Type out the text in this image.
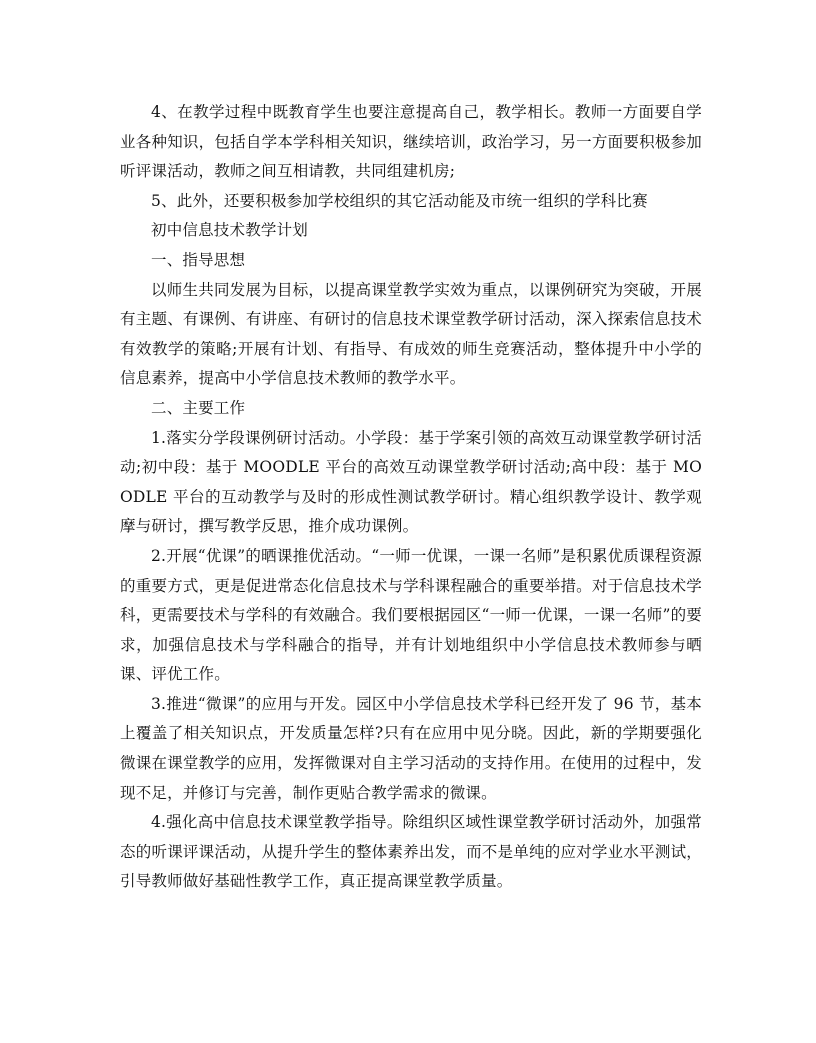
4、在教学过程中既教育学生也要注意提高自己，教学相长。教师一方面要自学业各种知识，包括自学本学科相关知识，继续培训，政治学习，另一方面要积极参加听评课活动，教师之间互相请教，共同组建机房;

5、此外，还要积极参加学校组织的其它活动能及市统一组织的学科比赛

初中信息技术教学计划

一、指导思想

以师生共同发展为目标，以提高课堂教学实效为重点，以课例研究为突破，开展有主题、有课例、有讲座、有研讨的信息技术课堂教学研讨活动，深入探索信息技术有效教学的策略;开展有计划、有指导、有成效的师生竞赛活动，整体提升中小学的信息素养，提高中小学信息技术教师的教学水平。

二、主要工作

1.落实分学段课例研讨活动。小学段：基于学案引领的高效互动课堂教学研讨活动;初中段：基于 MOODLE 平台的高效互动课堂教学研讨活动;高中段：基于 MOODLE 平台的互动教学与及时的形成性测试教学研讨。精心组织教学设计、教学观摩与研讨，撰写教学反思，推介成功课例。

2.开展“优课”的晒课推优活动。“一师一优课，一课一名师”是积累优质课程资源的重要方式，更是促进常态化信息技术与学科课程融合的重要举措。对于信息技术学科，更需要技术与学科的有效融合。我们要根据园区“一师一优课，一课一名师”的要求，加强信息技术与学科融合的指导，并有计划地组织中小学信息技术教师参与晒课、评优工作。

3.推进“微课”的应用与开发。园区中小学信息技术学科已经开发了 96 节，基本上覆盖了相关知识点，开发质量怎样?只有在应用中见分晓。因此，新的学期要强化微课在课堂教学的应用，发挥微课对自主学习活动的支持作用。在使用的过程中，发现不足，并修订与完善，制作更贴合教学需求的微课。

4.强化高中信息技术课堂教学指导。除组织区域性课堂教学研讨活动外，加强常态的听课评课活动，从提升学生的整体素养出发，而不是单纯的应对学业水平测试，引导教师做好基础性教学工作，真正提高课堂教学质量。
